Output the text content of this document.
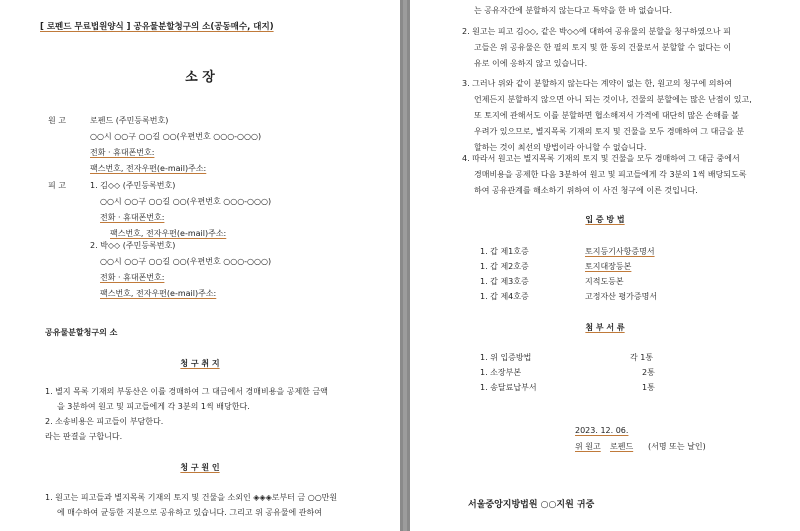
[ 로펜드 무료법원양식 ] 공유물분할청구의 소(공동매수, 대지)
소 장
원 고	로펜드 (주민등록번호)
○○시 ○○구 ○○길 ○○(우편번호 ○○○-○○○)
전화 · 휴대폰번호:
팩스번호, 전자우편(e-mail)주소:
피 고	1. 김◇◇ (주민등록번호)
○○시 ○○구 ○○길 ○○(우편번호 ○○○-○○○)
전화 · 휴대폰번호:
팩스번호, 전자우편(e-mail)주소:
2. 박◇◇ (주민등록번호)
○○시 ○○구 ○○길 ○○(우편번호 ○○○-○○○)
전화 · 휴대폰번호:
팩스번호, 전자우편(e-mail)주소:
공유물분할청구의 소
청 구 취 지
1. 별지 목록 기재의 부동산은 이를 경매하여 그 대금에서 경매비용을 공제한 금액
을 3분하여 원고 및 피고들에게 각 3분의 1씩 배당한다.
2. 소송비용은 피고들이 부담한다.
라는 판결을 구합니다.
청 구 원 인
1. 원고는 피고들과 별지목록 기재의 토지 및 건물을 소외인 ◈◈◈로부터 금 ○○만원
에 매수하여 균등한 지분으로 공유하고 있습니다. 그리고 위 공유물에 관하여
는 공유자간에 분할하지 않는다고 특약을 한 바 없습니다.
2. 원고는 피고 김◇◇, 같은 박◇◇에 대하여 공유물의 분할을 청구하였으나 피
고들은 위 공유물은 한 필의 토지 및 한 동의 건물로서 분할할 수 없다는 이
유로 이에 응하지 않고 있습니다.
3. 그러나 위와 같이 분할하지 않는다는 계약이 없는 한, 원고의 청구에 의하여
언제든지 분할하지 않으면 아니 되는 것이나, 건물의 분할에는 많은 난점이 있고,
또 토지에 관해서도 이를 분할하면 협소해져서 가격에 대단히 많은 손해를 볼
우려가 있으므로, 별지목록 기재의 토지 및 건물을 모두 경매하여 그 대금을 분
할하는 것이 최선의 방법이라 아니할 수 없습니다.
4. 따라서 원고는 별지목록 기재의 토지 및 건물을 모두 경매하여 그 대금 중에서
경매비용을 공제한 다음 3분하여 원고 및 피고들에게 각 3분의 1씩 배당되도록
하여 공유관계를 해소하기 위하여 이 사건 청구에 이른 것입니다.
입 증 방 법
1. 갑 제1호증	토지등기사항증명서
1. 갑 제2호증	토지대장등본
1. 갑 제3호증	지적도등본
1. 갑 제4호증	고정자산 평가증명서
첨 부 서 류
1. 위 입증방법	각 1통
1. 소장부본	2통
1. 송달료납부서	1통
2023. 12. 06.
위 원고 로펜드 (서명 또는 날인)
서울중앙지방법원 ○○지원 귀중
